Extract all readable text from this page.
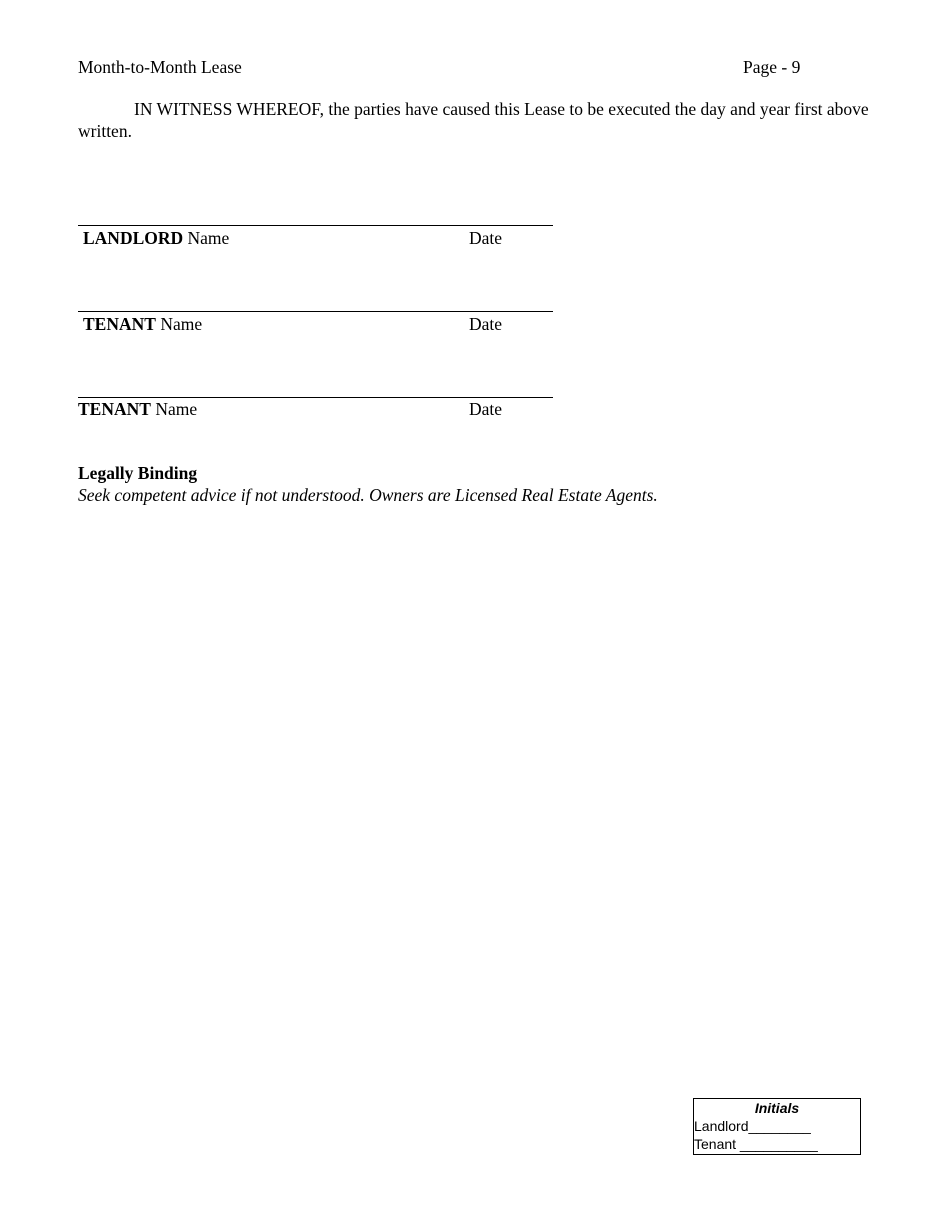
Month-to-Month Lease	Page - 9
IN WITNESS WHEREOF, the parties have caused this Lease to be executed the day and year first above written.
LANDLORD Name	Date
TENANT Name	Date
TENANT Name	Date
Legally Binding
Seek competent advice if not understood. Owners are Licensed Real Estate Agents.
Initials
Landlord________
Tenant __________
